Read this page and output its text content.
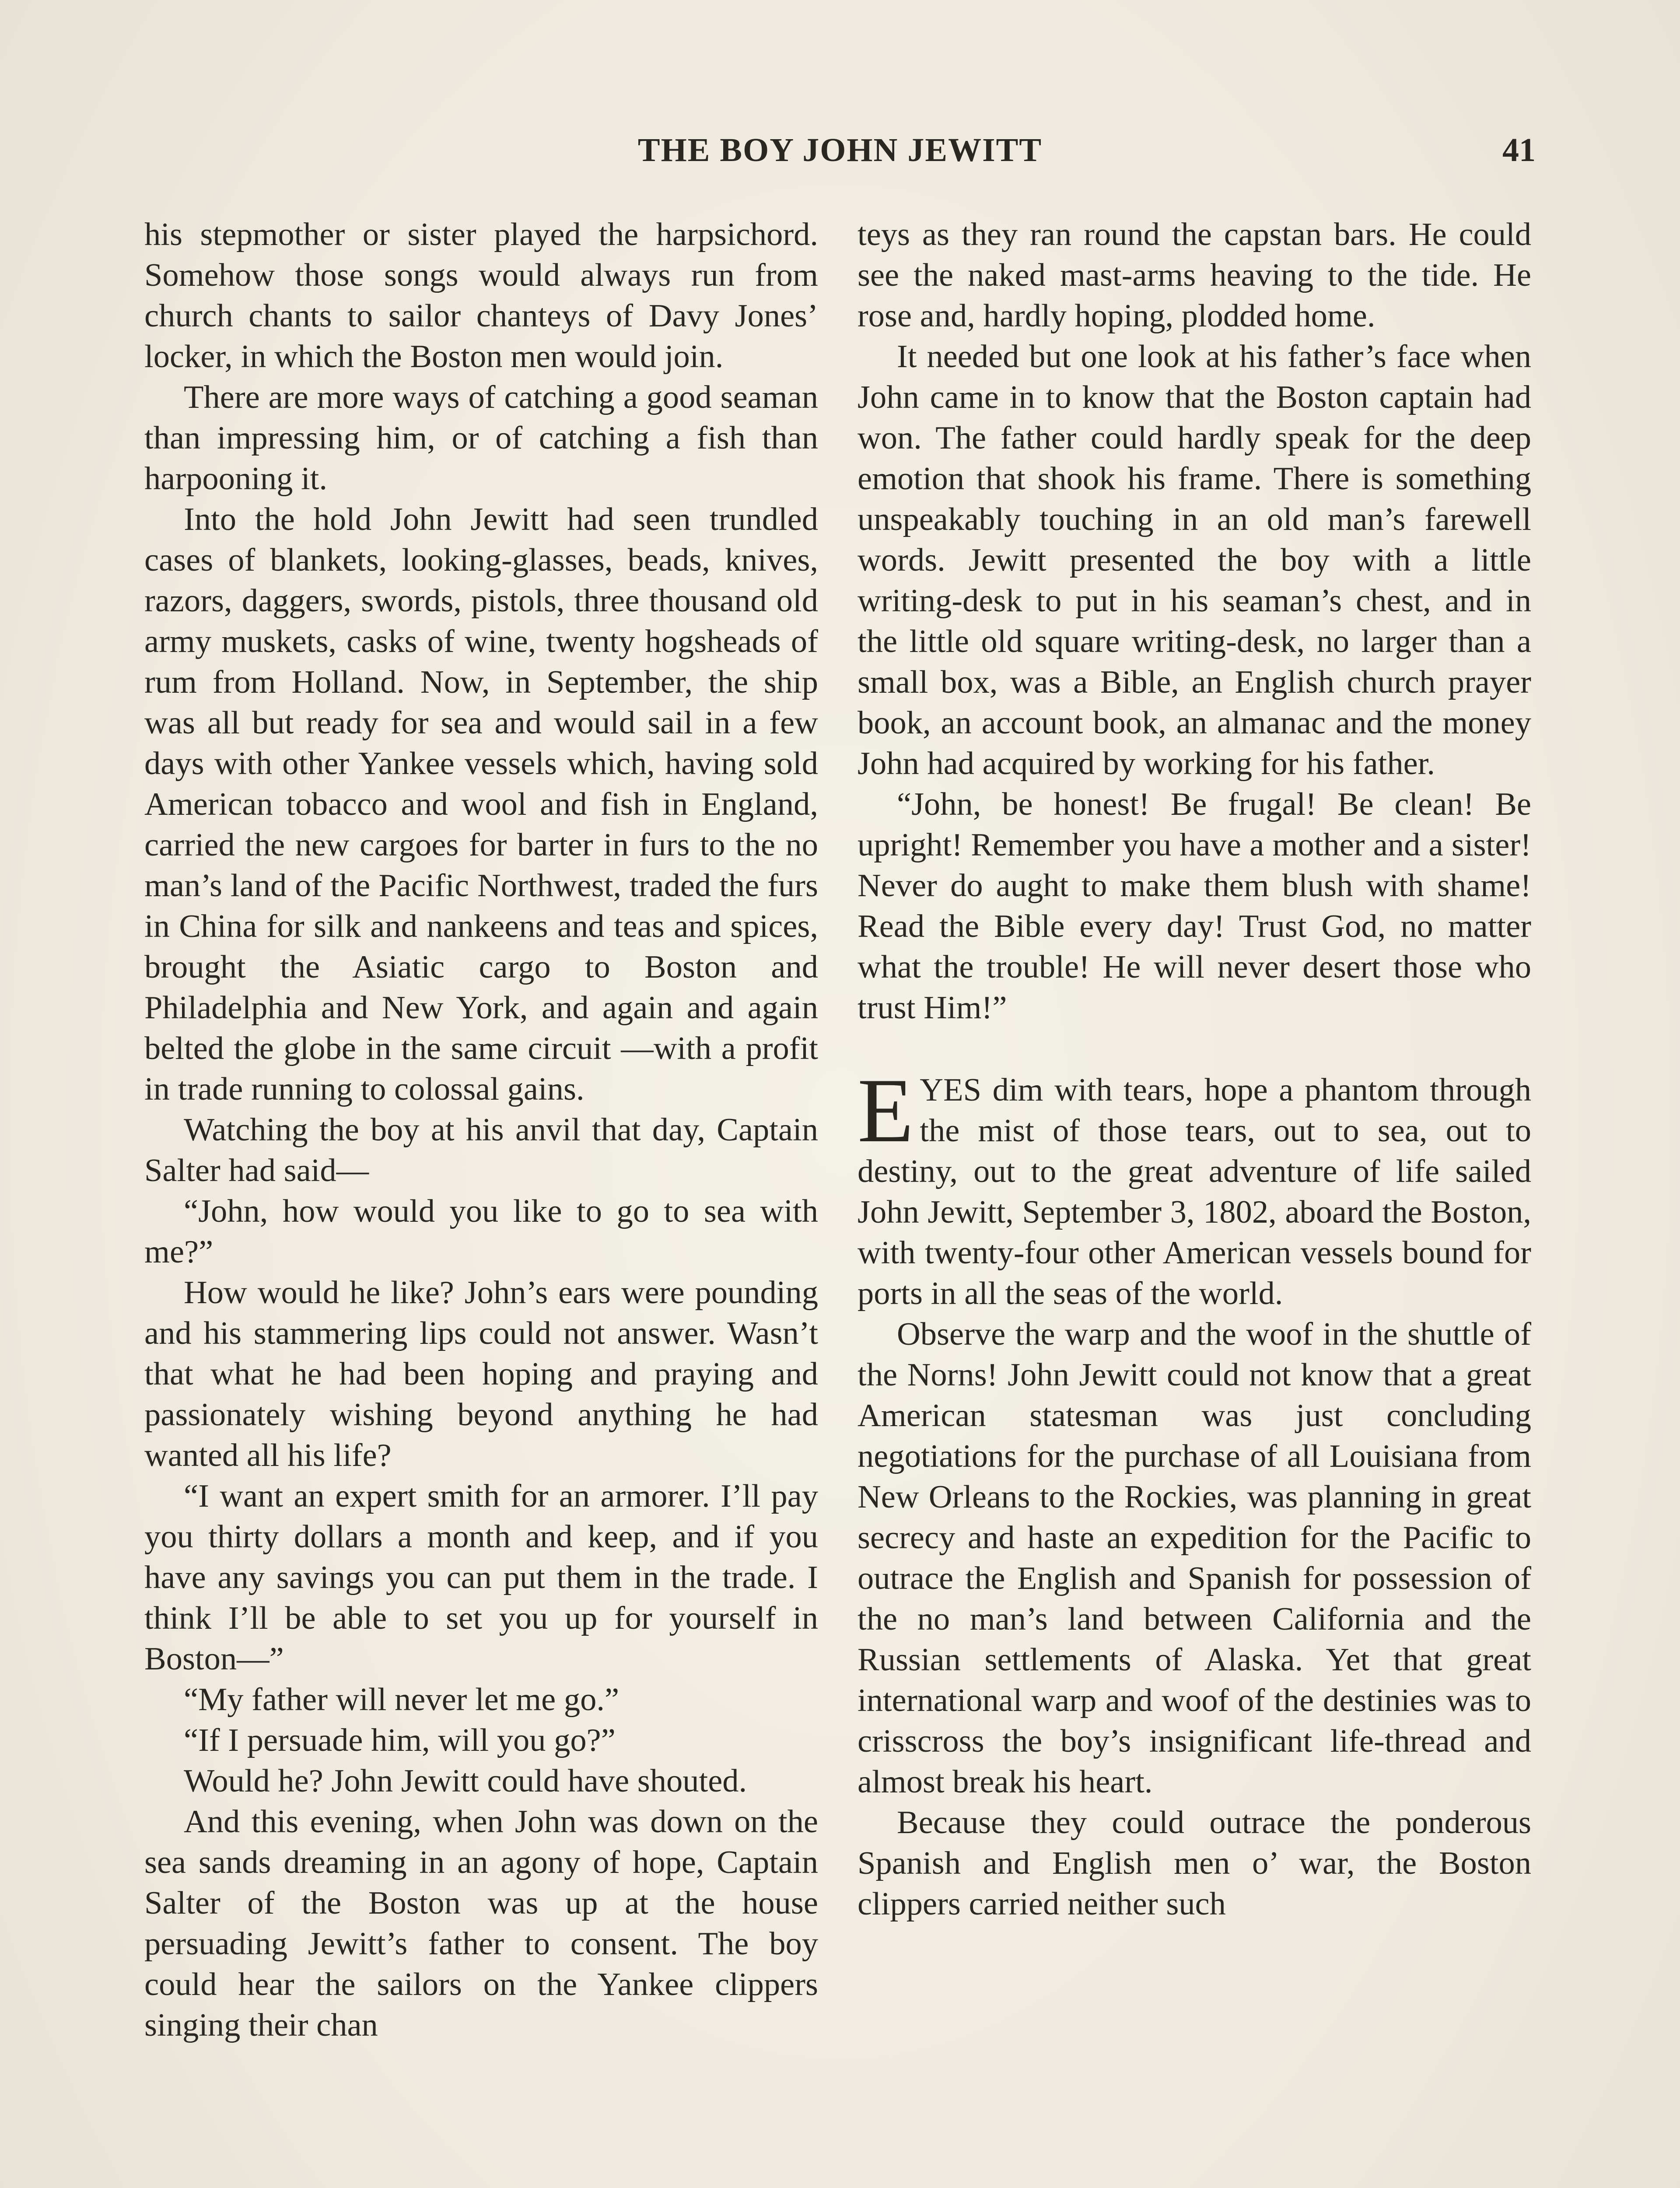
THE BOY JOHN JEWITT	41

his stepmother or sister played the harpsichord. Somehow those songs would always run from church chants to sailor chanteys of Davy Jones’ locker, in which the Boston men would join.

There are more ways of catching a good seaman than impressing him, or of catching a fish than harpooning it.

Into the hold John Jewitt had seen trundled cases of blankets, looking-glasses, beads, knives, razors, daggers, swords, pistols, three thousand old army muskets, casks of wine, twenty hogsheads of rum from Holland. Now, in September, the ship was all but ready for sea and would sail in a few days with other Yankee vessels which, having sold American tobacco and wool and fish in England, carried the new cargoes for barter in furs to the no man’s land of the Pacific Northwest, traded the furs in China for silk and nankeens and teas and spices, brought the Asiatic cargo to Boston and Philadelphia and New York, and again and again belted the globe in the same circuit —with a profit in trade running to colossal gains.

Watching the boy at his anvil that day, Captain Salter had said—

“John, how would you like to go to sea with me?”

How would he like? John’s ears were pounding and his stammering lips could not answer. Wasn’t that what he had been hoping and praying and passionately wishing beyond anything he had wanted all his life?

“I want an expert smith for an armorer. I’ll pay you thirty dollars a month and keep, and if you have any savings you can put them in the trade. I think I’ll be able to set you up for yourself in Boston—”

“My father will never let me go.”

“If I persuade him, will you go?”

Would he? John Jewitt could have shouted.

And this evening, when John was down on the sea sands dreaming in an agony of hope, Captain Salter of the Boston was up at the house persuading Jewitt’s father to consent. The boy could hear the sailors on the Yankee clippers singing their chan

teys as they ran round the capstan bars. He could see the naked mast-arms heaving to the tide. He rose and, hardly hoping, plodded home.

It needed but one look at his father’s face when John came in to know that the Boston captain had won. The father could hardly speak for the deep emotion that shook his frame. There is something unspeakably touching in an old man’s farewell words. Jewitt presented the boy with a little writing-desk to put in his seaman’s chest, and in the little old square writing-desk, no larger than a small box, was a Bible, an English church prayer book, an account book, an almanac and the money John had acquired by working for his father.

“John, be honest! Be frugal! Be clean! Be upright! Remember you have a mother and a sister! Never do aught to make them blush with shame! Read the Bible every day! Trust God, no matter what the trouble! He will never desert those who trust Him!”

EYES dim with tears, hope a phantom through the mist of those tears, out to sea, out to destiny, out to the great adventure of life sailed John Jewitt, September 3, 1802, aboard the Boston, with twenty-four other American vessels bound for ports in all the seas of the world.

Observe the warp and the woof in the shuttle of the Norns! John Jewitt could not know that a great American statesman was just concluding negotiations for the purchase of all Louisiana from New Orleans to the Rockies, was planning in great secrecy and haste an expedition for the Pacific to outrace the English and Spanish for possession of the no man’s land between California and the Russian settlements of Alaska. Yet that great international warp and woof of the destinies was to crisscross the boy’s insignificant life-thread and almost break his heart.

Because they could outrace the ponderous Spanish and English men o’ war, the Boston clippers carried neither such
